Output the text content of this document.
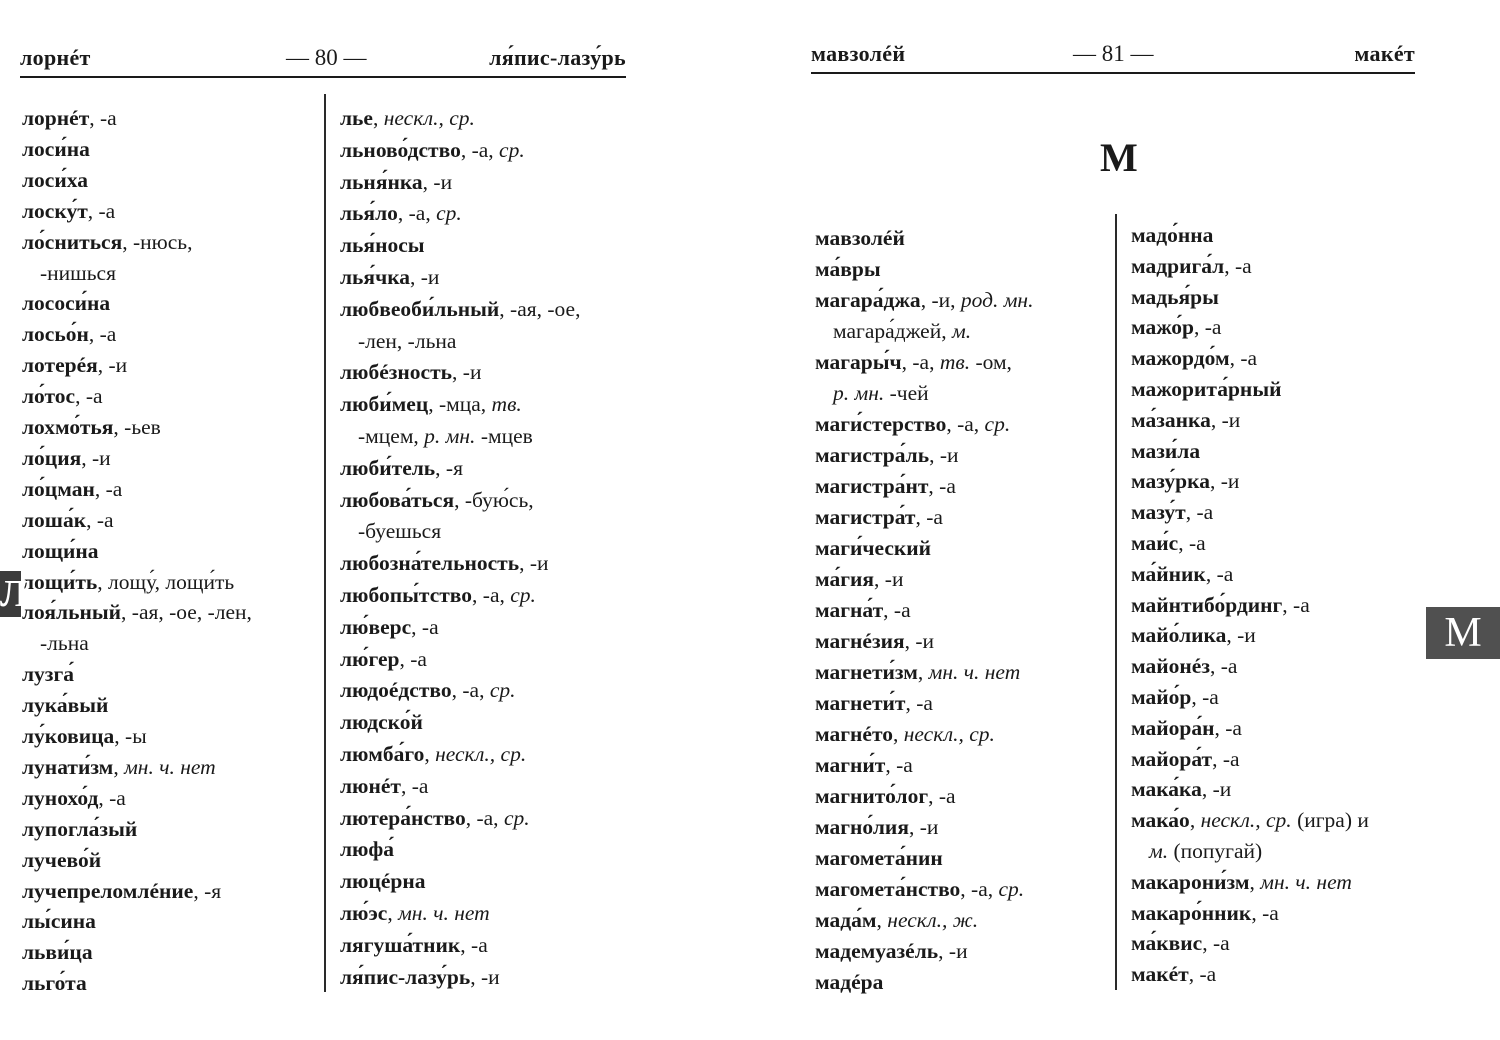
лорнéт	— 80 —	ля́пис-лазу́рь
лорнéт, -а
лоси́на
лоси́ха
лоску́т, -а
ло́сниться, -нюсь,
-нишься
лососи́на
лосьо́н, -а
лотерéя, -и
ло́тос, -а
лохмо́тья, -ьев
ло́ция, -и
ло́цман, -а
лоша́к, -а
лощи́на
лощи́ть, лощу́, лощи́ть
лоя́льный, -ая, -ое, -лен,
-льна
лузга́
лука́вый
лу́ковица, -ы
лунати́зм, мн. ч. нет
лунохо́д, -а
лупогла́зый
лучево́й
лучепреломлéние, -я
лы́сина
льви́ца
льго́та
лье, нескл., ср.
льново́дство, -а, ср.
льня́нка, -и
лья́ло, -а, ср.
лья́носы
лья́чка, -и
любвеоби́льный, -ая, -ое,
-лен, -льна
любéзность, -и
люби́мец, -мца, тв.
-мцем, р. мн. -мцев
люби́тель, -я
любова́ться, -бую́сь,
-буешься
любозна́тельность, -и
любопы́тство, -а, ср.
лю́верс, -а
лю́гер, -а
людоéдство, -а, ср.
людско́й
люмба́го, нескл., ср.
люнéт, -а
лютера́нство, -а, ср.
люфа́
люцéрна
лю́эс, мн. ч. нет
лягуша́тник, -а
ля́пис-лазу́рь, -и
Л
мавзолéй	— 81 —	макéт
М
мавзолéй
ма́вры
магара́джа, -и, род. мн.
магара́джей, м.
магары́ч, -а, тв. -ом,
р. мн. -чей
маги́стерство, -а, ср.
магистра́ль, -и
магистра́нт, -а
магистра́т, -а
маги́ческий
ма́гия, -и
магна́т, -а
магнéзия, -и
магнети́зм, мн. ч. нет
магнети́т, -а
магнéто, нескл., ср.
магни́т, -а
магнито́лог, -а
магно́лия, -и
магомета́нин
магомета́нство, -а, ср.
мада́м, нескл., ж.
мадемуазéль, -и
мадéра
мадо́нна
мадрига́л, -а
мадья́ры
мажо́р, -а
мажордо́м, -а
мажорита́рный
ма́занка, -и
мази́ла
мазу́рка, -и
мазу́т, -а
маи́с, -а
ма́йник, -а
майнтибо́рдинг, -а
майо́лика, -и
майонéз, -а
майо́р, -а
майора́н, -а
майора́т, -а
мака́ка, -и
мака́о, нескл., ср. (игра) и
м. (попугай)
макарони́зм, мн. ч. нет
макаро́нник, -а
ма́квис, -а
макéт, -а
М
